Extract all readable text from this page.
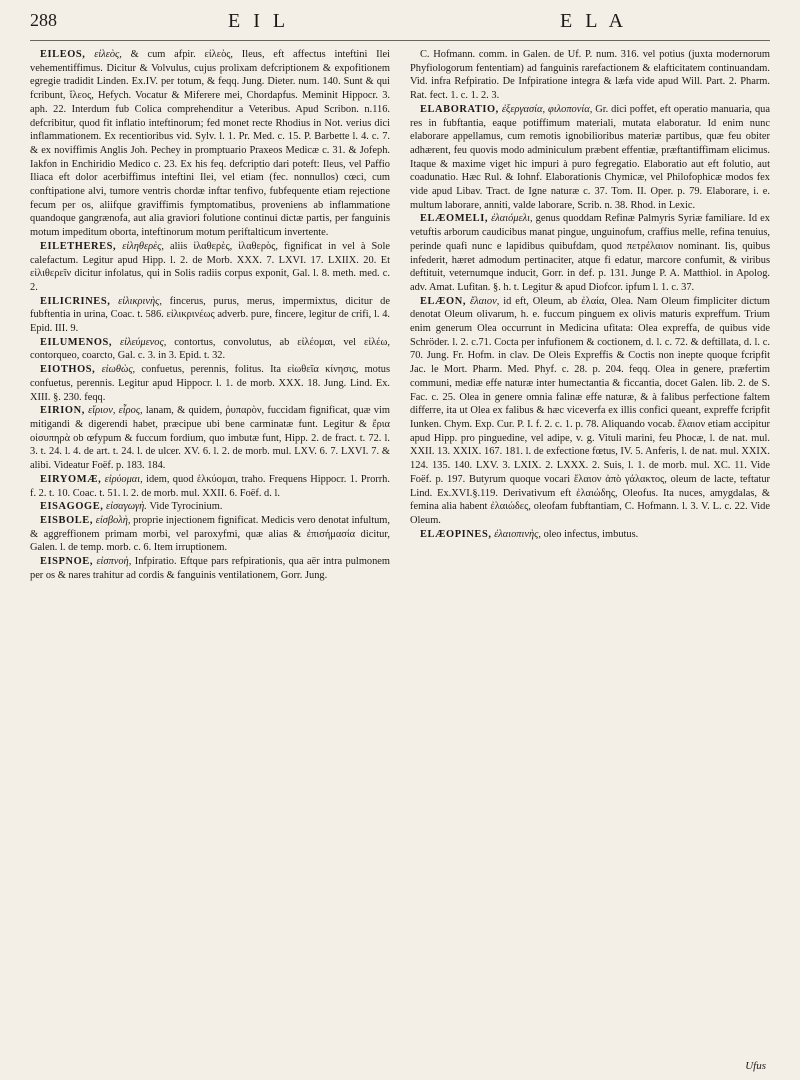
288	E I L	E L A

EILEOS, εἰλεὸς, & cum afpir. εἰλεὸς, Ileus, eft affectus inteftini Ilei vehementiffimus. Dicitur & Volvulus, cujus prolixam defcriptionem & expofitionem egregie tradidit Linden. Ex.IV. per totum, & feqq. Jung. Dieter. num. 140. Sunt & qui fcribunt, ἴλεος, Hefych. Vocatur & Miferere mei, Chordapfus. Meminit Hippocr. 3. aph. 22. Interdum fub Colica comprehenditur a Veteribus. Apud Scribon. n.116. defcribitur, quod fit inflatio inteftinorum; fed monet recte Rhodius in Not. verius dici inflammationem. Ex recentioribus vid. Sylv. l. 1. Pr. Med. c. 15. P. Barbette l. 4. c. 7. & ex noviffimis Anglis Joh. Pechey in promptuario Praxeos Medicæ c. 31. & Jofeph. Iakfon in Enchiridio Medico c. 23. Ex his feq. defcriptio dari poteft: Ileus, vel Paffio Iliaca eft dolor acerbiffimus inteftini Ilei, vel etiam (fec. nonnullos) cœci, cum conftipatione alvi, tumore ventris chordæ inftar tenfivo, fubfequente etiam rejectione fecum per os, aliifque graviffimis fymptomatibus, proveniens ab inflammatione quandoque gangrænofa, aut alia graviori folutione continui dictæ partis, per fanguinis motum impeditum oborta, inteftinorum motum periftalticum invertente.

EILETHERES, εἰληθερὲς, aliis ἰλαθερὲς, ἰλαθερὸς, fignificat in vel à Sole calefactum. Legitur apud Hipp. l. 2. de Morb. XXX. 7. LXVI. 17. LXIIX. 20. Et εἰλιθερεῖν dicitur infolatus, qui in Solis radiis corpus exponit, Gal. l. 8. meth. med. c. 2.

EILICRINES, εἰλικρινὴς, fincerus, purus, merus, impermixtus, dicitur de fubftentia in urina, Coac. t. 586. εἰλικρινέως adverb. pure, fincere, legitur de crifi, l. 4. Epid. III. 9.

EILUMENOS, εἰλεύμενος, contortus, convolutus, ab εἰλέομαι, vel εἰλέω, contorqueo, coarcto, Gal. c. 3. in 3. Epid. t. 32.

EIOTHOS, εἰωθὼς, confuetus, perennis, folitus. Ita εἰωθεῖα κίνησις, motus confuetus, perennis. Legitur apud Hippocr. l. 1. de morb. XXX. 18. Jung. Lind. Ex. XIII. §. 230. feqq.

EIRION, εἴριον, εἶρος, lanam, & quidem, ῥυπαρὸν, fuccidam fignificat, quæ vim mitigandi & digerendi habet, præcipue ubi bene carminatæ funt. Legitur & ἔρια οἰσυπηρὰ ob œfypum & fuccum fordium, quo imbutæ funt, Hipp. 2. de fract. t. 72. l. 3. t. 24. l. 4. de art. t. 24. l. de ulcer. XV. 6. l. 2. de morb. mul. LXV. 6. 7. LXVI. 7. & alibi. Videatur Foëf. p. 183. 184.

EIRYOMÆ, εἰρύομαι, idem, quod ἑλκύομαι, traho. Frequens Hippocr. 1. Prorrh. f. 2. t. 10. Coac. t. 51. l. 2. de morb. mul. XXII. 6. Foëf. d. l.

EISAGOGE, εἰσαγωγὴ. Vide Tyrocinium.

EISBOLE, εἰσβολὴ, proprie injectionem fignificat. Medicis vero denotat infultum, & aggreffionem primam morbi, vel paroxyfmi, quæ alias & ἐπισήμασία dicitur, Galen. l. de temp. morb. c. 6. Item irruptionem.

EISPNOE, εἰσπνοὴ, Infpiratio. Eftque pars refpirationis, qua aër intra pulmonem per os & nares trahitur ad cordis & fanguinis ventilationem, Gorr. Jung.

C. Hofmann. comm. in Galen. de Uf. P. num. 316. vel potius (juxta modernorum Phyfiologorum fententiam) ad fanguinis rarefactionem & elafticitatem continuandam. Vid. infra Refpiratio. De Infpiratione integra & læfa vide apud Will. Part. 2. Pharm. Rat. fect. 1. c. 1. 2. 3.

ELABORATIO, ἐξεργασία, φιλοπονία, Gr. dici poffet, eft operatio manuaria, qua res in fubftantia, eaque potiffimum materiali, mutata elaboratur. Id enim nunc elaborare appellamus, cum remotis ignobilioribus materiæ partibus, quæ feu obiter adhærent, feu quovis modo adminiculum præbent effentiæ, præftantiffimam elicimus. Itaque & maxime viget hic impuri à puro fegregatio. Elaboratio aut eft folutio, aut coadunatio. Hæc Rul. & Iohnf. Elaborationis Chymicæ, vel Philofophicæ modos fex vide apud Libav. Tract. de Igne naturæ c. 37. Tom. II. Oper. p. 79. Elaborare, i. e. multum laborare, anniti, valde laborare, Scrib. n. 38. Rhod. in Lexic.

ELÆOMELI, ἐλαιόμελι, genus quoddam Refinæ Palmyris Syriæ familiare. Id ex vetuftis arborum caudicibus manat pingue, unguinofum, craffius melle, refina tenuius, perinde quafi nunc e lapidibus quibufdam, quod πετρέλαιον nominant. Iis, quibus infederit, hæret admodum pertinaciter, atque fi edatur, marcore confumit, & viribus deftituit, veternumque inducit, Gorr. in def. p. 131. Junge P. A. Matthiol. in Apolog. adv. Amat. Lufitan. §. h. t. Legitur & apud Diofcor. ipfum l. 1. c. 37.

ELÆON, ἔλαιον, id eft, Oleum, ab ἐλαία, Olea. Nam Oleum fimpliciter dictum denotat Oleum olivarum, h. e. fuccum pinguem ex olivis maturis expreffum. Trium enim generum Olea occurrunt in Medicina ufitata: Olea expreffa, de quibus vide Schröder. l. 2. c.71. Cocta per infufionem & coctionem, d. l. c. 72. & deftillata, d. l. c. 70. Jung. Fr. Hofm. in clav. De Oleis Expreffis & Coctis non inepte quoque fcripfit Jac. le Mort. Pharm. Med. Phyf. c. 28. p. 204. feqq. Olea in genere, præfertim communi, mediæ effe naturæ inter humectantia & ficcantia, docet Galen. lib. 2. de S. Fac. c. 25. Olea in genere omnia falinæ effe naturæ, & à falibus perfectione faltem differre, ita ut Olea ex falibus & hæc viceverfa ex illis confici queant, expreffe fcripfit Iunken. Chym. Exp. Cur. P. I. f. 2. c. 1. p. 78. Aliquando vocab. ἔλαιον etiam accipitur apud Hipp. pro pinguedine, vel adipe, v. g. Vituli marini, feu Phocæ, l. de nat. mul. XXII. 13. XXIX. 167. 181. l. de exfectione fœtus, IV. 5. Anferis, l. de nat. mul. XXIX. 124. 135. 140. LXV. 3. LXIX. 2. LXXX. 2. Suis, l. 1. de morb. mul. XC. 11. Vide Foëf. p. 197. Butyrum quoque vocari ἔλαιον ἀπὸ γάλακτος, oleum de lacte, teftatur Lind. Ex.XVI.§.119. Derivativum eft ἐλαιώδης, Oleofus. Ita nuces, amygdalas, & femina alia habent ἐλαιώδες, oleofam fubftantiam, C. Hofmann. l. 3. V. L. c. 22. Vide Oleum.

ELÆOPINES, ἐλαιοπινὴς, oleo infectus, imbutus.

Ufus
